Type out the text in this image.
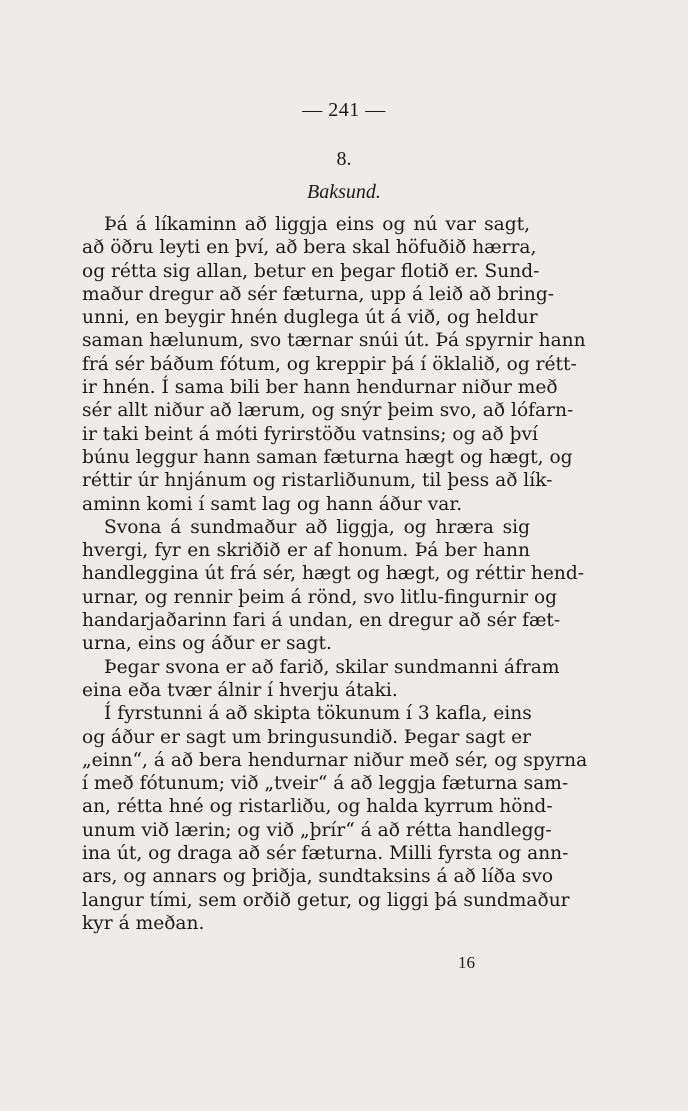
— 241 —
8.
Baksund.
Þá á líkaminn að liggja eins og nú var sagt,
að öðru leyti en því, að bera skal höfuðið hærra,
og rétta sig allan, betur en þegar flotið er. Sund-
maður dregur að sér fæturna, upp á leið að bring-
unni, en beygir hnén duglega út á við, og heldur
saman hælunum, svo tærnar snúi út. Þá spyrnir hann
frá sér báðum fótum, og kreppir þá í öklalið, og rétt-
ir hnén. Í sama bili ber hann hendurnar niður með
sér allt niður að lærum, og snýr þeim svo, að lófarn-
ir taki beint á móti fyrirstöðu vatnsins; og að því
búnu leggur hann saman fæturna hægt og hægt, og
réttir úr hnjánum og ristarliðunum, til þess að lík-
aminn komi í samt lag og hann áður var.
Svona á sundmaður að liggja, og hræra sig
hvergi, fyr en skriðið er af honum. Þá ber hann
handleggina út frá sér, hægt og hægt, og réttir hend-
urnar, og rennir þeim á rönd, svo litlu-fingurnir og
handarjaðarinn fari á undan, en dregur að sér fæt-
urna, eins og áður er sagt.
Þegar svona er að farið, skilar sundmanni áfram
eina eða tvær álnir í hverju átaki.
Í fyrstunni á að skipta tökunum í 3 kafla, eins
og áður er sagt um bringusundið. Þegar sagt er
„einn“, á að bera hendurnar niður með sér, og spyrna
í með fótunum; við „tveir“ á að leggja fæturna sam-
an, rétta hné og ristarliðu, og halda kyrrum hönd-
unum við lærin; og við „þrír“ á að rétta handlegg-
ina út, og draga að sér fæturna. Milli fyrsta og ann-
ars, og annars og þriðja, sundtaksins á að líða svo
langur tími, sem orðið getur, og liggi þá sundmaður
kyr á meðan.
16
